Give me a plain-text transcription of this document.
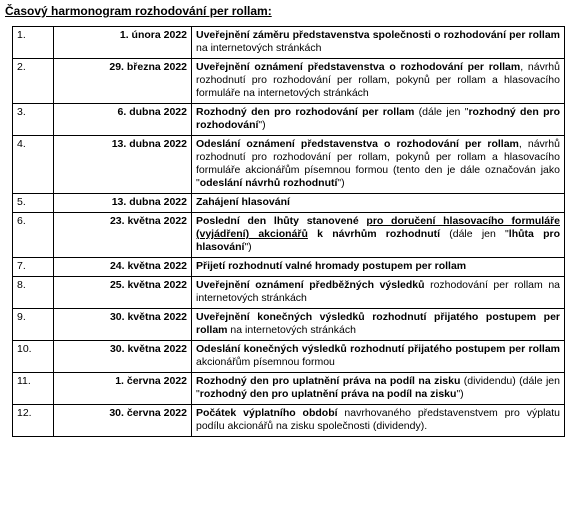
Časový harmonogram rozhodování per rollam:
1.	1. února 2022	Uveřejnění záměru představenstva společnosti o rozhodování per rollam na internetových stránkách
2.	29. března 2022	Uveřejnění oznámení představenstva o rozhodování per rollam, návrhů rozhodnutí pro rozhodování per rollam, pokynů per rollam a hlasovacího formuláře na internetových stránkách
3.	6. dubna 2022	Rozhodný den pro rozhodování per rollam (dále jen "rozhodný den pro rozhodování")
4.	13. dubna 2022	Odeslání oznámení představenstva o rozhodování per rollam, návrhů rozhodnutí pro rozhodování per rollam, pokynů per rollam a hlasovacího formuláře akcionářům písemnou formou (tento den je dále označován jako "odeslání návrhů rozhodnutí")
5.	13. dubna 2022	Zahájení hlasování
6.	23. května 2022	Poslední den lhůty stanovené pro doručení hlasovacího formuláře (vyjádření) akcionářů k návrhům rozhodnutí (dále jen "lhůta pro hlasování")
7.	24. května 2022	Přijetí rozhodnutí valné hromady postupem per rollam
8.	25. května 2022	Uveřejnění oznámení předběžných výsledků rozhodování per rollam na internetových stránkách
9.	30. května 2022	Uveřejnění konečných výsledků rozhodnutí přijatého postupem per rollam na internetových stránkách
10.	30. května 2022	Odeslání konečných výsledků rozhodnutí přijatého postupem per rollam akcionářům písemnou formou
11.	1. června 2022	Rozhodný den pro uplatnění práva na podíl na zisku (dividendu) (dále jen "rozhodný den pro uplatnění práva na podíl na zisku")
12.	30. června 2022	Počátek výplatního období navrhovaného představenstvem pro výplatu podílu akcionářů na zisku společnosti (dividendy).
